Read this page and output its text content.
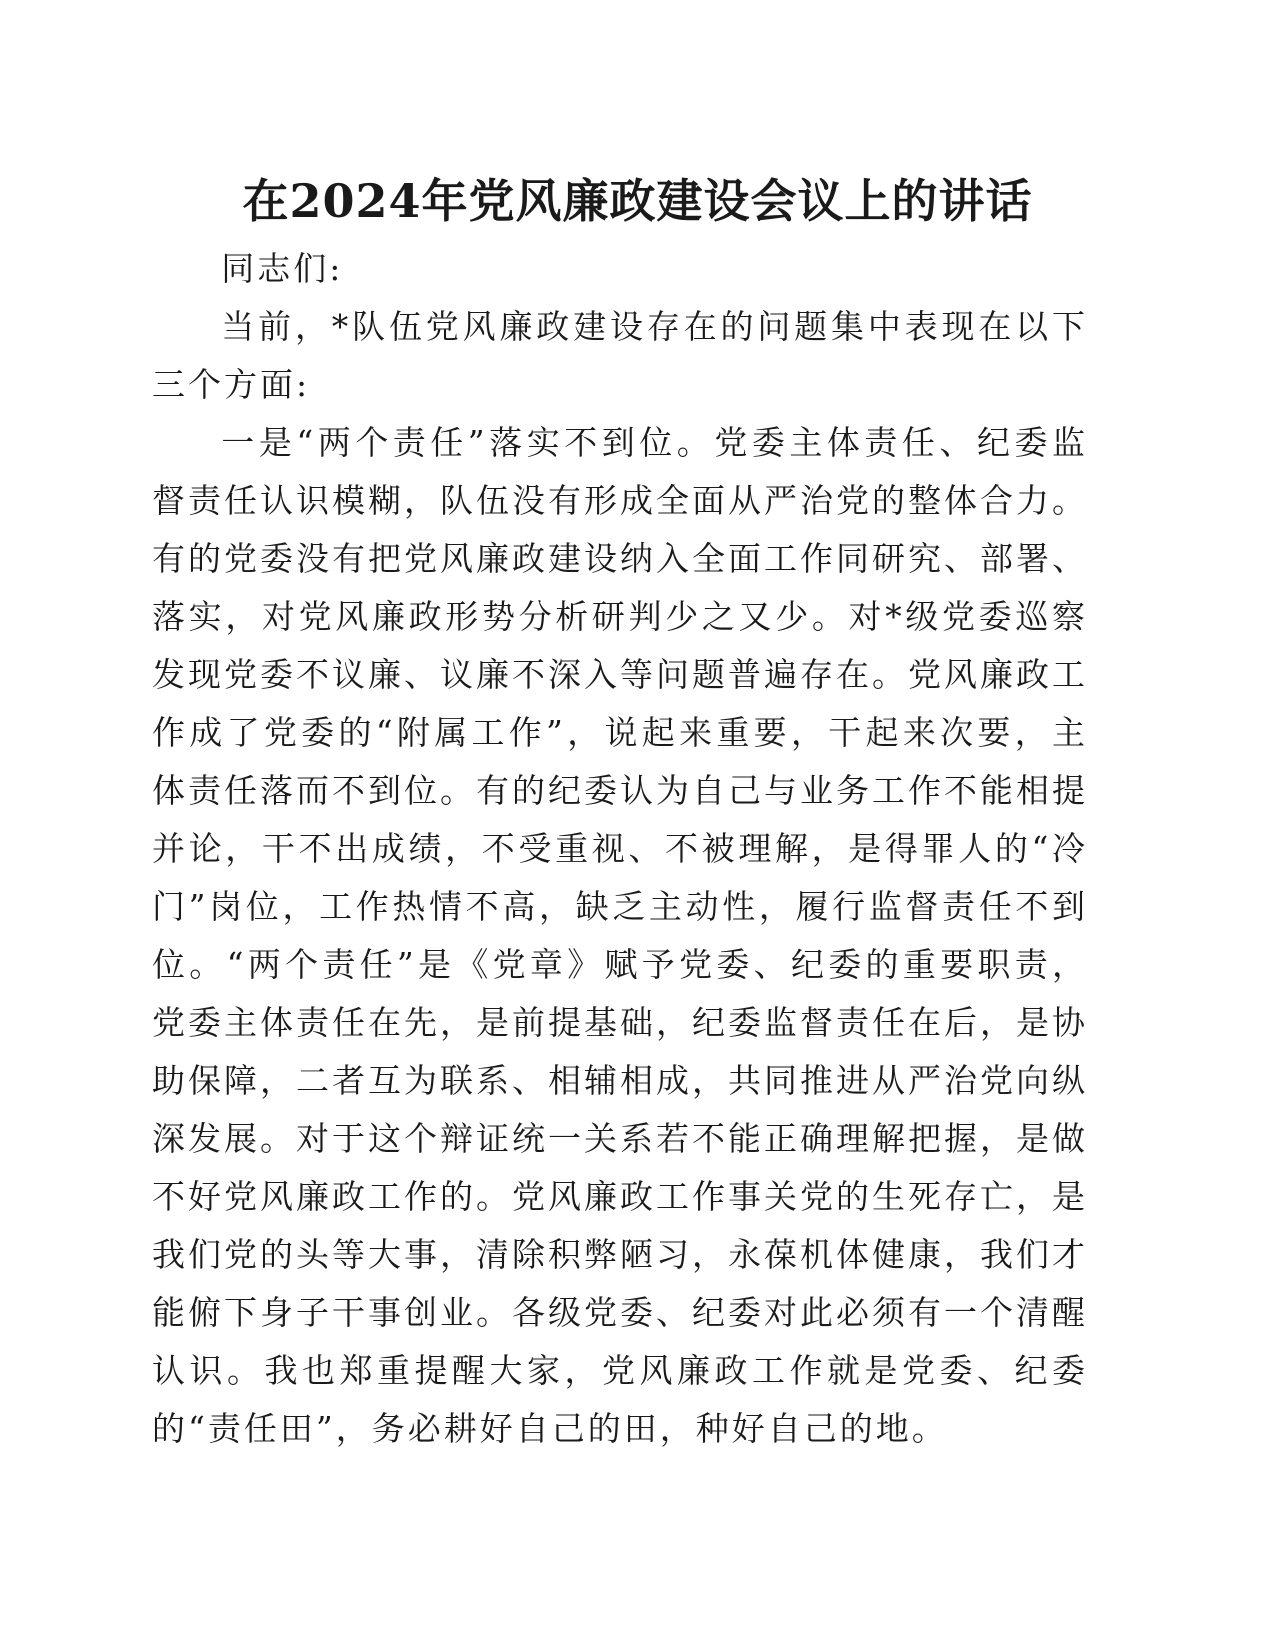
在2024年党风廉政建设会议上的讲话

同志们:

当前，*队伍党风廉政建设存在的问题集中表现在以下三个方面:

一是“两个责任”落实不到位。党委主体责任、纪委监督责任认识模糊，队伍没有形成全面从严治党的整体合力。有的党委没有把党风廉政建设纳入全面工作同研究、部署、落实，对党风廉政形势分析研判少之又少。对*级党委巡察发现党委不议廉、议廉不深入等问题普遍存在。党风廉政工作成了党委的“附属工作”，说起来重要，干起来次要，主体责任落而不到位。有的纪委认为自己与业务工作不能相提并论，干不出成绩，不受重视、不被理解，是得罪人的“冷门”岗位，工作热情不高，缺乏主动性，履行监督责任不到位。“两个责任”是《党章》赋予党委、纪委的重要职责，党委主体责任在先，是前提基础，纪委监督责任在后，是协助保障，二者互为联系、相辅相成，共同推进从严治党向纵深发展。对于这个辩证统一关系若不能正确理解把握，是做不好党风廉政工作的。党风廉政工作事关党的生死存亡，是我们党的头等大事，清除积弊陋习，永葆机体健康，我们才能俯下身子干事创业。各级党委、纪委对此必须有一个清醒认识。我也郑重提醒大家，党风廉政工作就是党委、纪委的“责任田”，务必耕好自己的田，种好自己的地。
